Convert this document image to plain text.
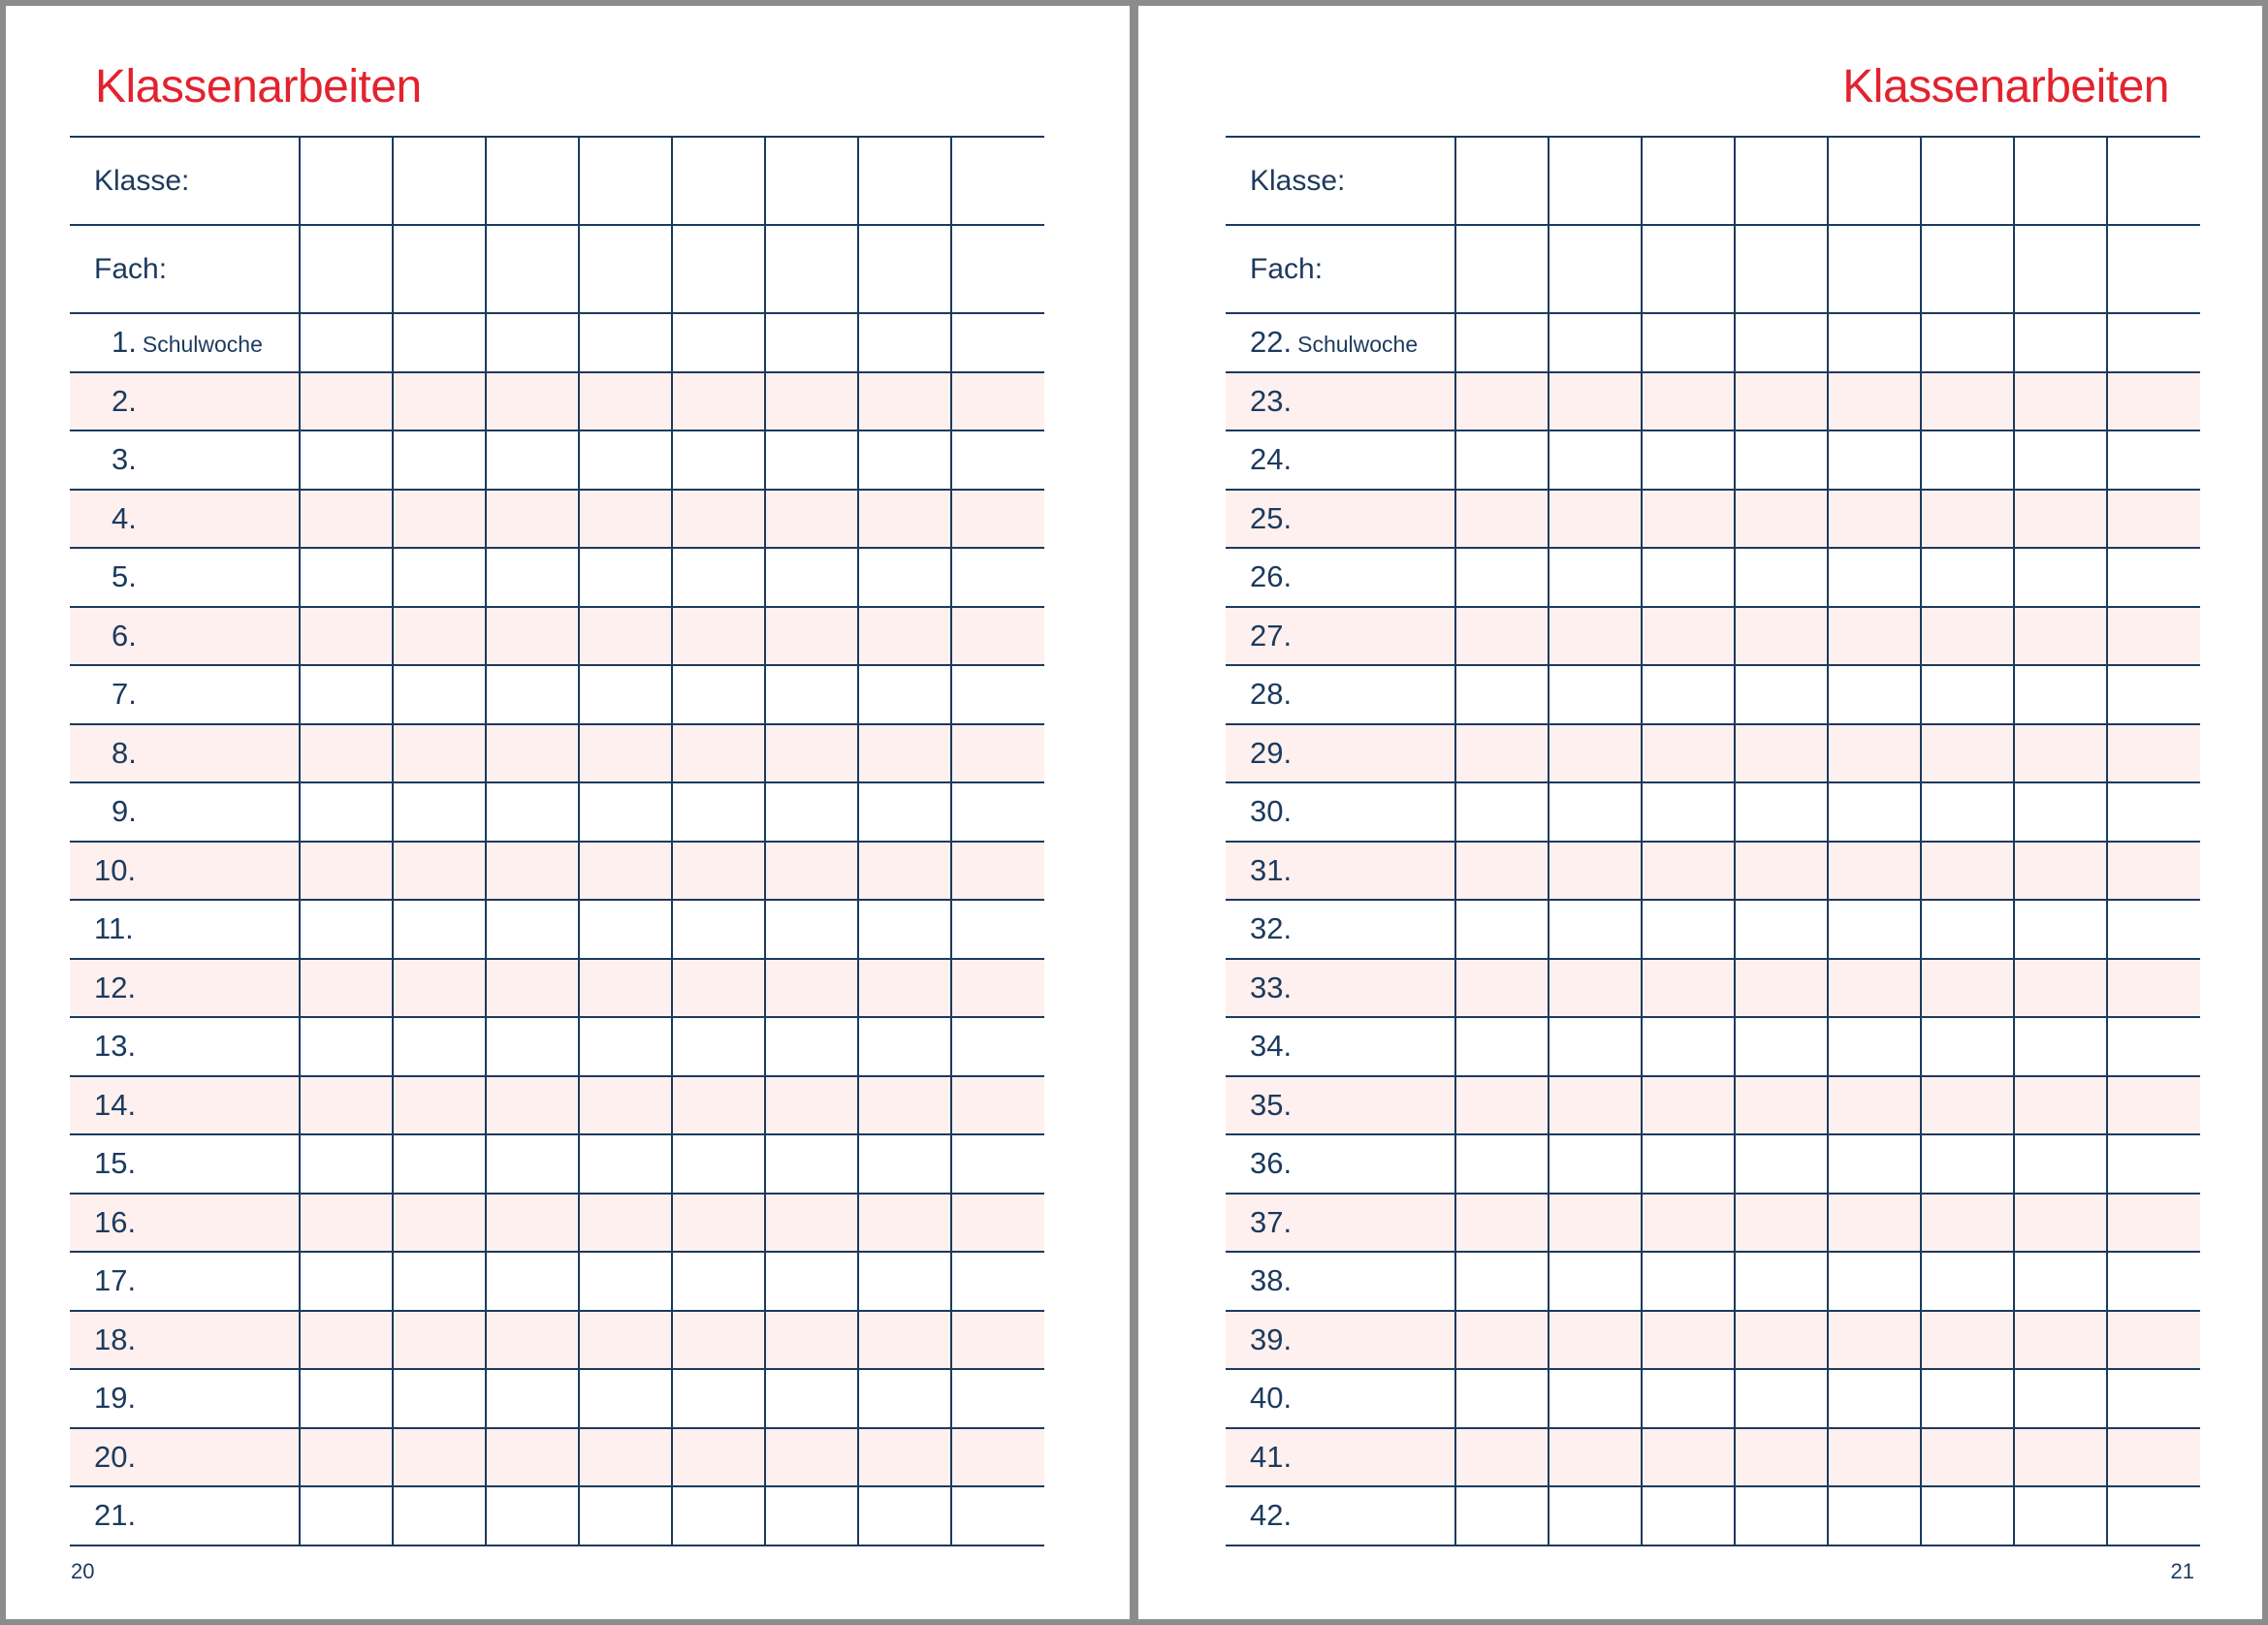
Klassenarbeiten
Klasse:								
Fach:								
1. Schulwoche								
2.								
3.								
4.								
5.								
6.								
7.								
8.								
9.								
10.								
11.								
12.								
13.								
14.								
15.								
16.								
17.								
18.								
19.								
20.								
21.								
20
Klassenarbeiten
Klasse:								
Fach:								
22. Schulwoche								
23.								
24.								
25.								
26.								
27.								
28.								
29.								
30.								
31.								
32.								
33.								
34.								
35.								
36.								
37.								
38.								
39.								
40.								
41.								
42.								
21
